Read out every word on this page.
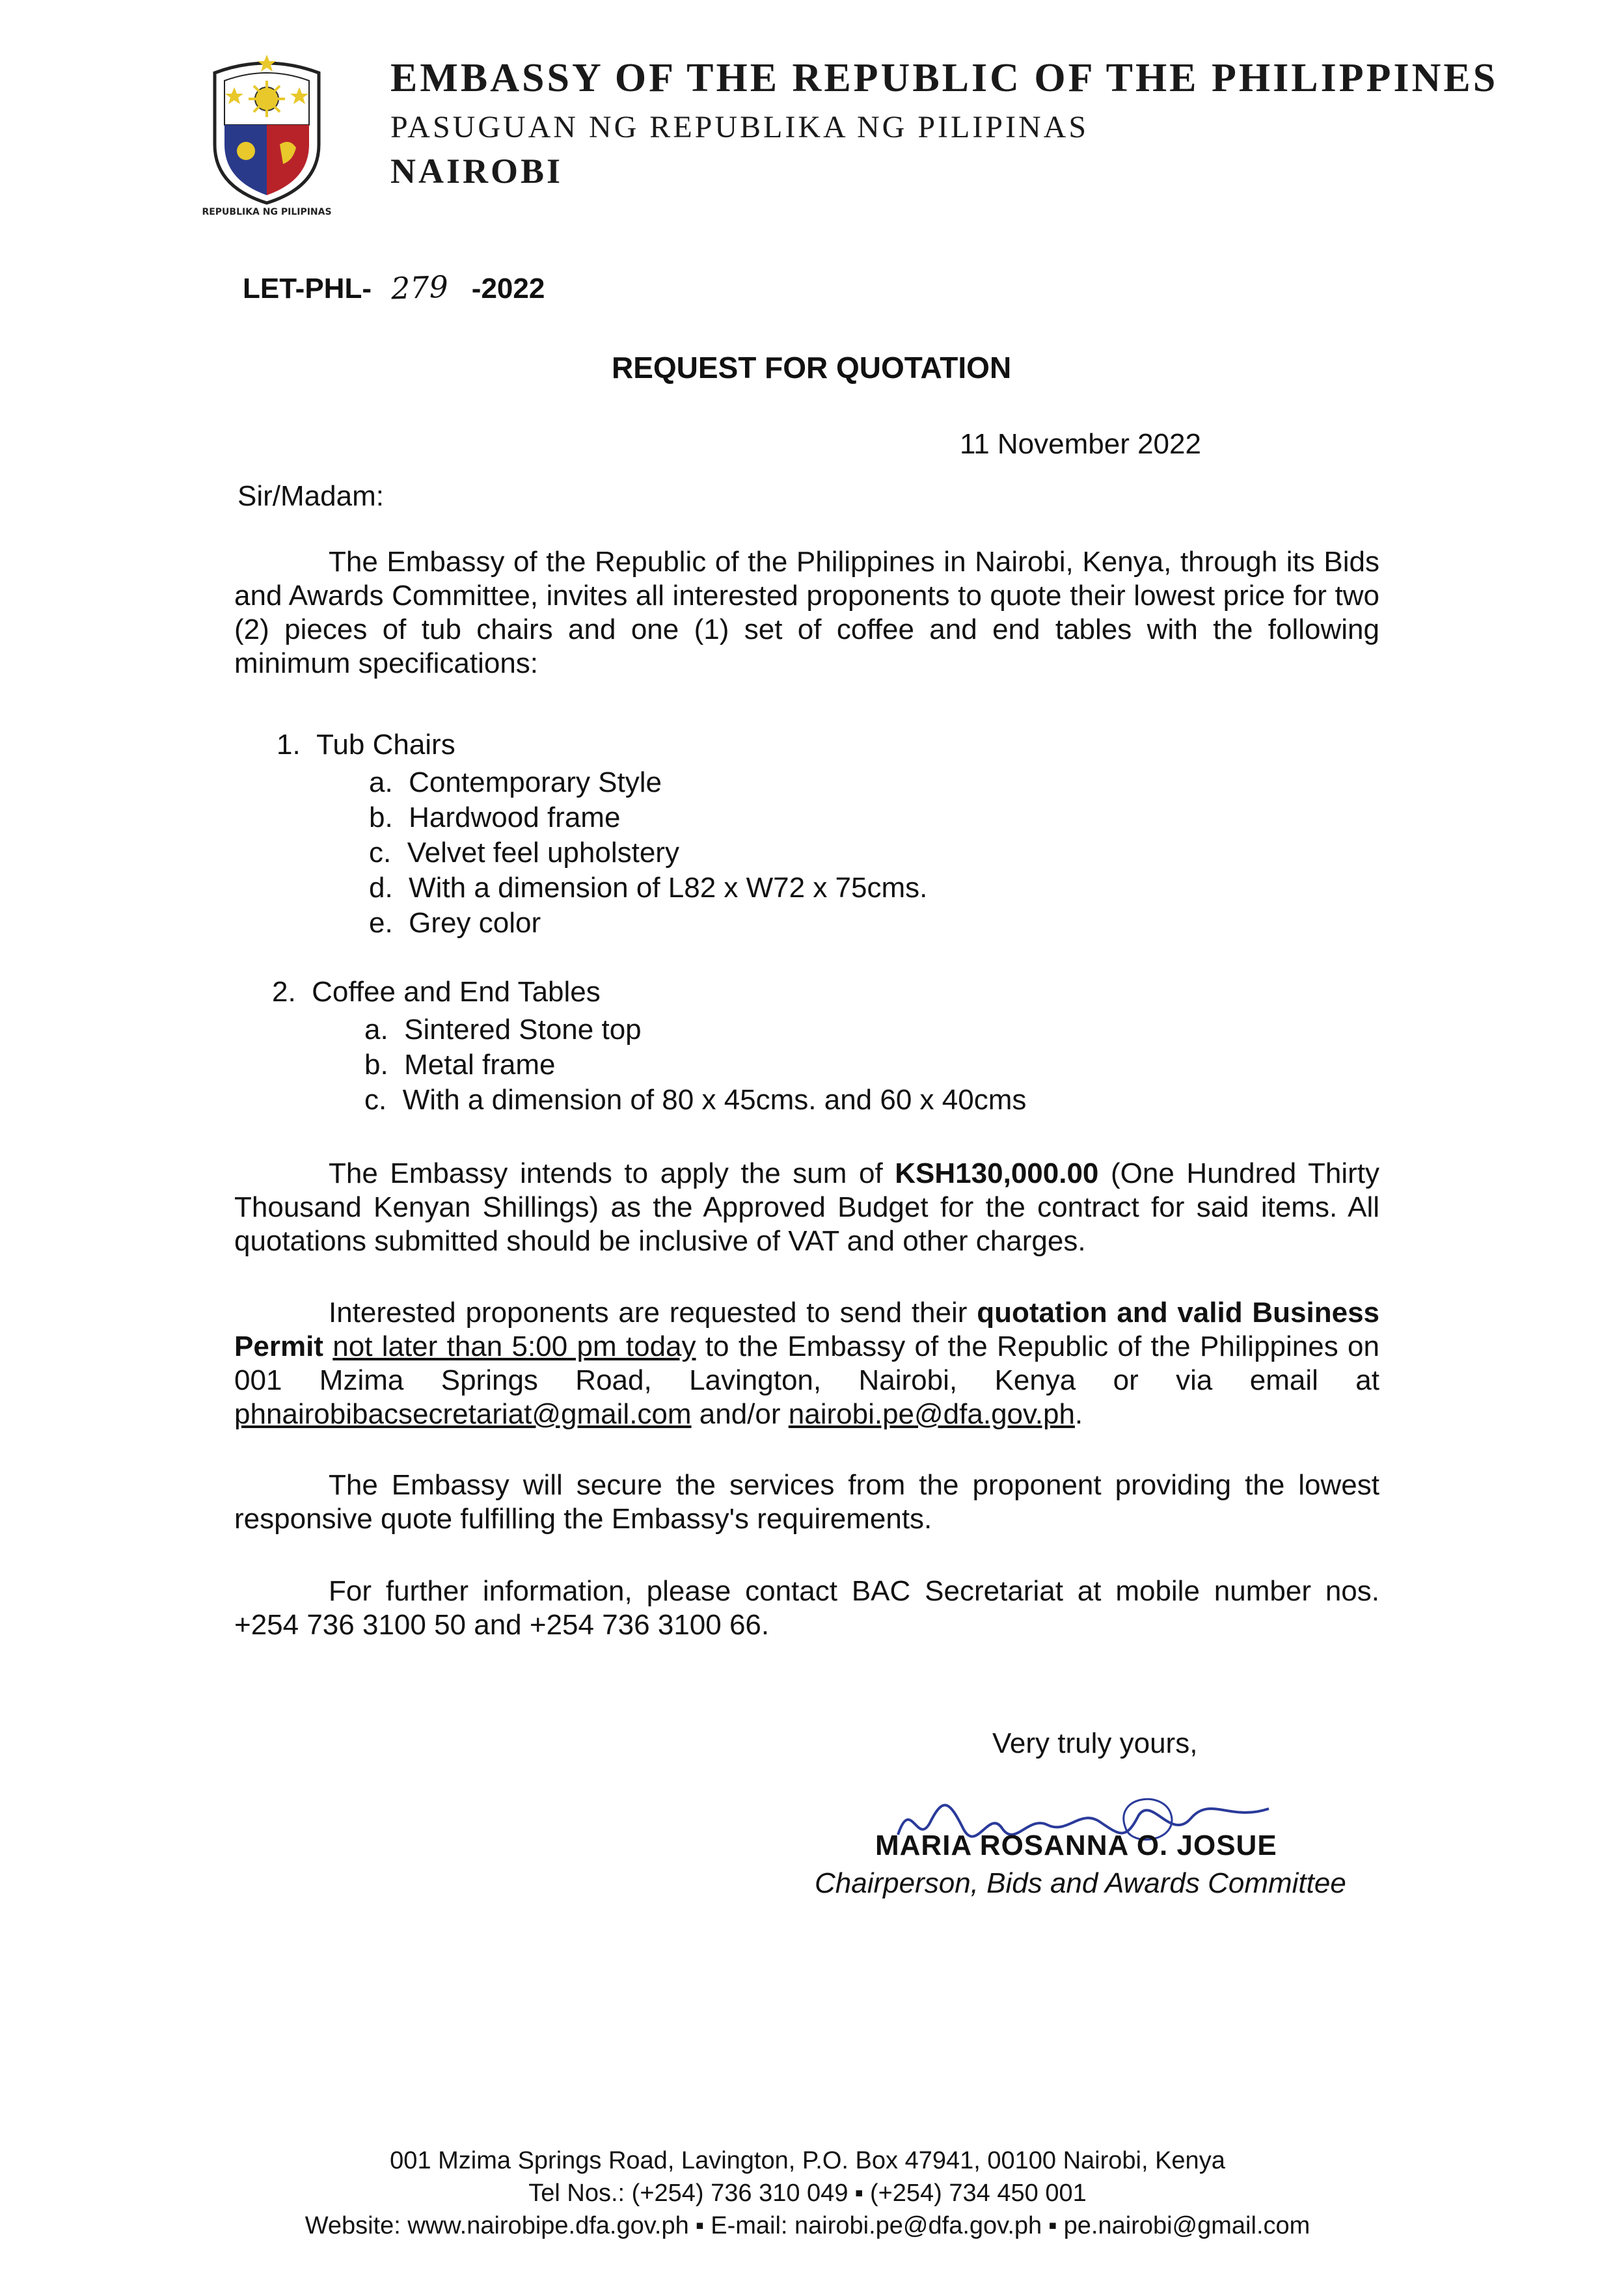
REPUBLIKA NG PILIPINAS
EMBASSY OF THE REPUBLIC OF THE PHILIPPINES
PASUGUAN NG REPUBLIKA NG PILIPINAS
NAIROBI
LET-PHL- 279 -2022
REQUEST FOR QUOTATION
11 November 2022
Sir/Madam:
The Embassy of the Republic of the Philippines in Nairobi, Kenya, through its Bids and Awards Committee, invites all interested proponents to quote their lowest price for two (2) pieces of tub chairs and one (1) set of coffee and end tables with the following minimum specifications:
1. Tub Chairs
a. Contemporary Style
b. Hardwood frame
c. Velvet feel upholstery
d. With a dimension of L82 x W72 x 75cms.
e. Grey color
2. Coffee and End Tables
a. Sintered Stone top
b. Metal frame
c. With a dimension of 80 x 45cms. and 60 x 40cms
The Embassy intends to apply the sum of KSH130,000.00 (One Hundred Thirty Thousand Kenyan Shillings) as the Approved Budget for the contract for said items. All quotations submitted should be inclusive of VAT and other charges.
Interested proponents are requested to send their quotation and valid Business Permit not later than 5:00 pm today to the Embassy of the Republic of the Philippines on 001 Mzima Springs Road, Lavington, Nairobi, Kenya or via email at phnairobibacsecretariat@gmail.com and/or nairobi.pe@dfa.gov.ph.
The Embassy will secure the services from the proponent providing the lowest responsive quote fulfilling the Embassy's requirements.
For further information, please contact BAC Secretariat at mobile number nos. +254 736 3100 50 and +254 736 3100 66.
Very truly yours,
MARIA ROSANNA O. JOSUE
Chairperson, Bids and Awards Committee
001 Mzima Springs Road, Lavington, P.O. Box 47941, 00100 Nairobi, Kenya
Tel Nos.: (+254) 736 310 049 ▪ (+254) 734 450 001
Website: www.nairobipe.dfa.gov.ph ▪ E-mail: nairobi.pe@dfa.gov.ph ▪ pe.nairobi@gmail.com
